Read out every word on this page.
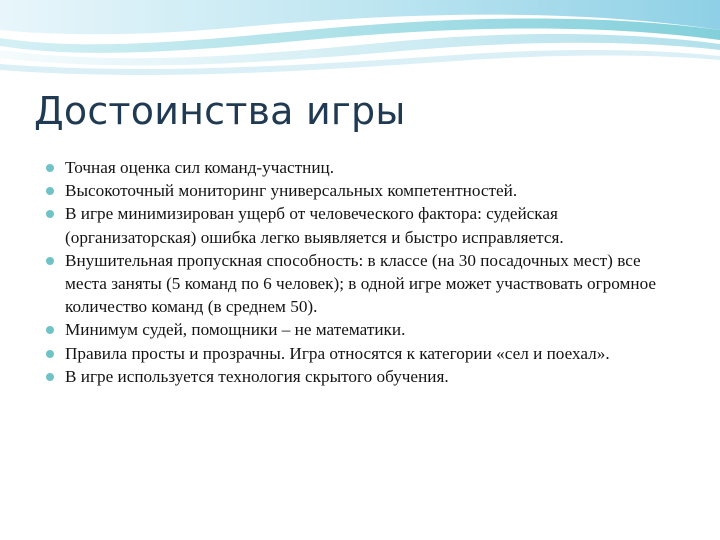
Достоинства игры
Точная оценка сил команд-участниц.
Высокоточный мониторинг универсальных компетентностей.
В игре минимизирован ущерб от человеческого фактора: судейская (организаторская) ошибка легко выявляется и быстро исправляется.
Внушительная пропускная способность: в классе (на 30 посадочных мест) все места заняты (5 команд по 6 человек); в одной игре может участвовать огромное количество команд (в среднем 50).
Минимум судей, помощники – не математики.
Правила просты и прозрачны. Игра относятся к категории «сел и поехал».
В игре используется технология скрытого обучения.
